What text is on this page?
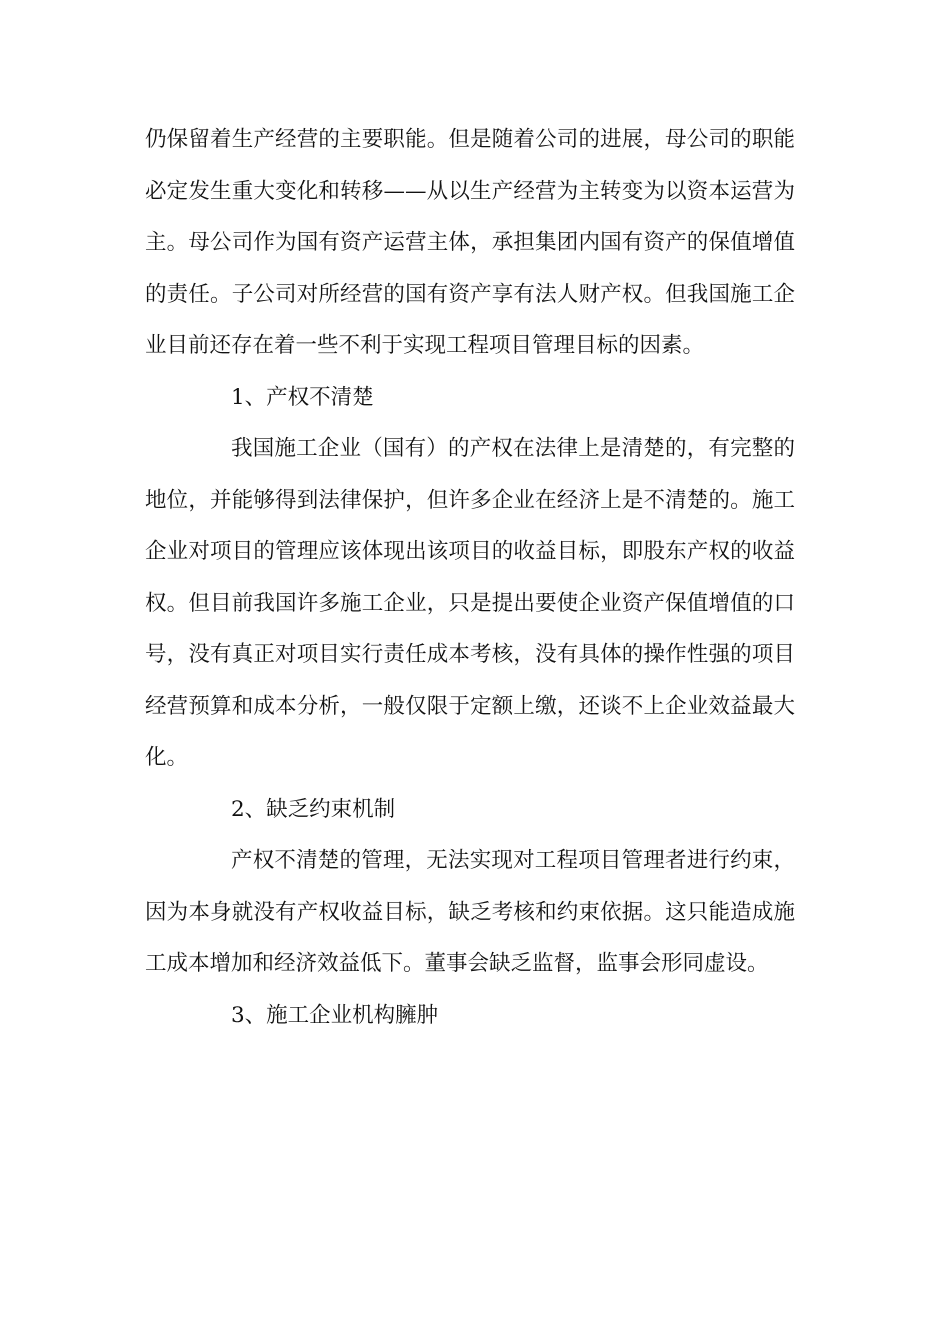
仍保留着生产经营的主要职能。但是随着公司的进展，母公司的职能必定发生重大变化和转移——从以生产经营为主转变为以资本运营为主。母公司作为国有资产运营主体，承担集团内国有资产的保值增值的责任。子公司对所经营的国有资产享有法人财产权。但我国施工企业目前还存在着一些不利于实现工程项目管理目标的因素。

1、产权不清楚

我国施工企业（国有）的产权在法律上是清楚的，有完整的地位，并能够得到法律保护，但许多企业在经济上是不清楚的。施工企业对项目的管理应该体现出该项目的收益目标，即股东产权的收益权。但目前我国许多施工企业，只是提出要使企业资产保值增值的口号，没有真正对项目实行责任成本考核，没有具体的操作性强的项目经营预算和成本分析，一般仅限于定额上缴，还谈不上企业效益最大化。

2、缺乏约束机制

产权不清楚的管理，无法实现对工程项目管理者进行约束，因为本身就没有产权收益目标，缺乏考核和约束依据。这只能造成施工成本增加和经济效益低下。董事会缺乏监督，监事会形同虚设。

3、施工企业机构臃肿
